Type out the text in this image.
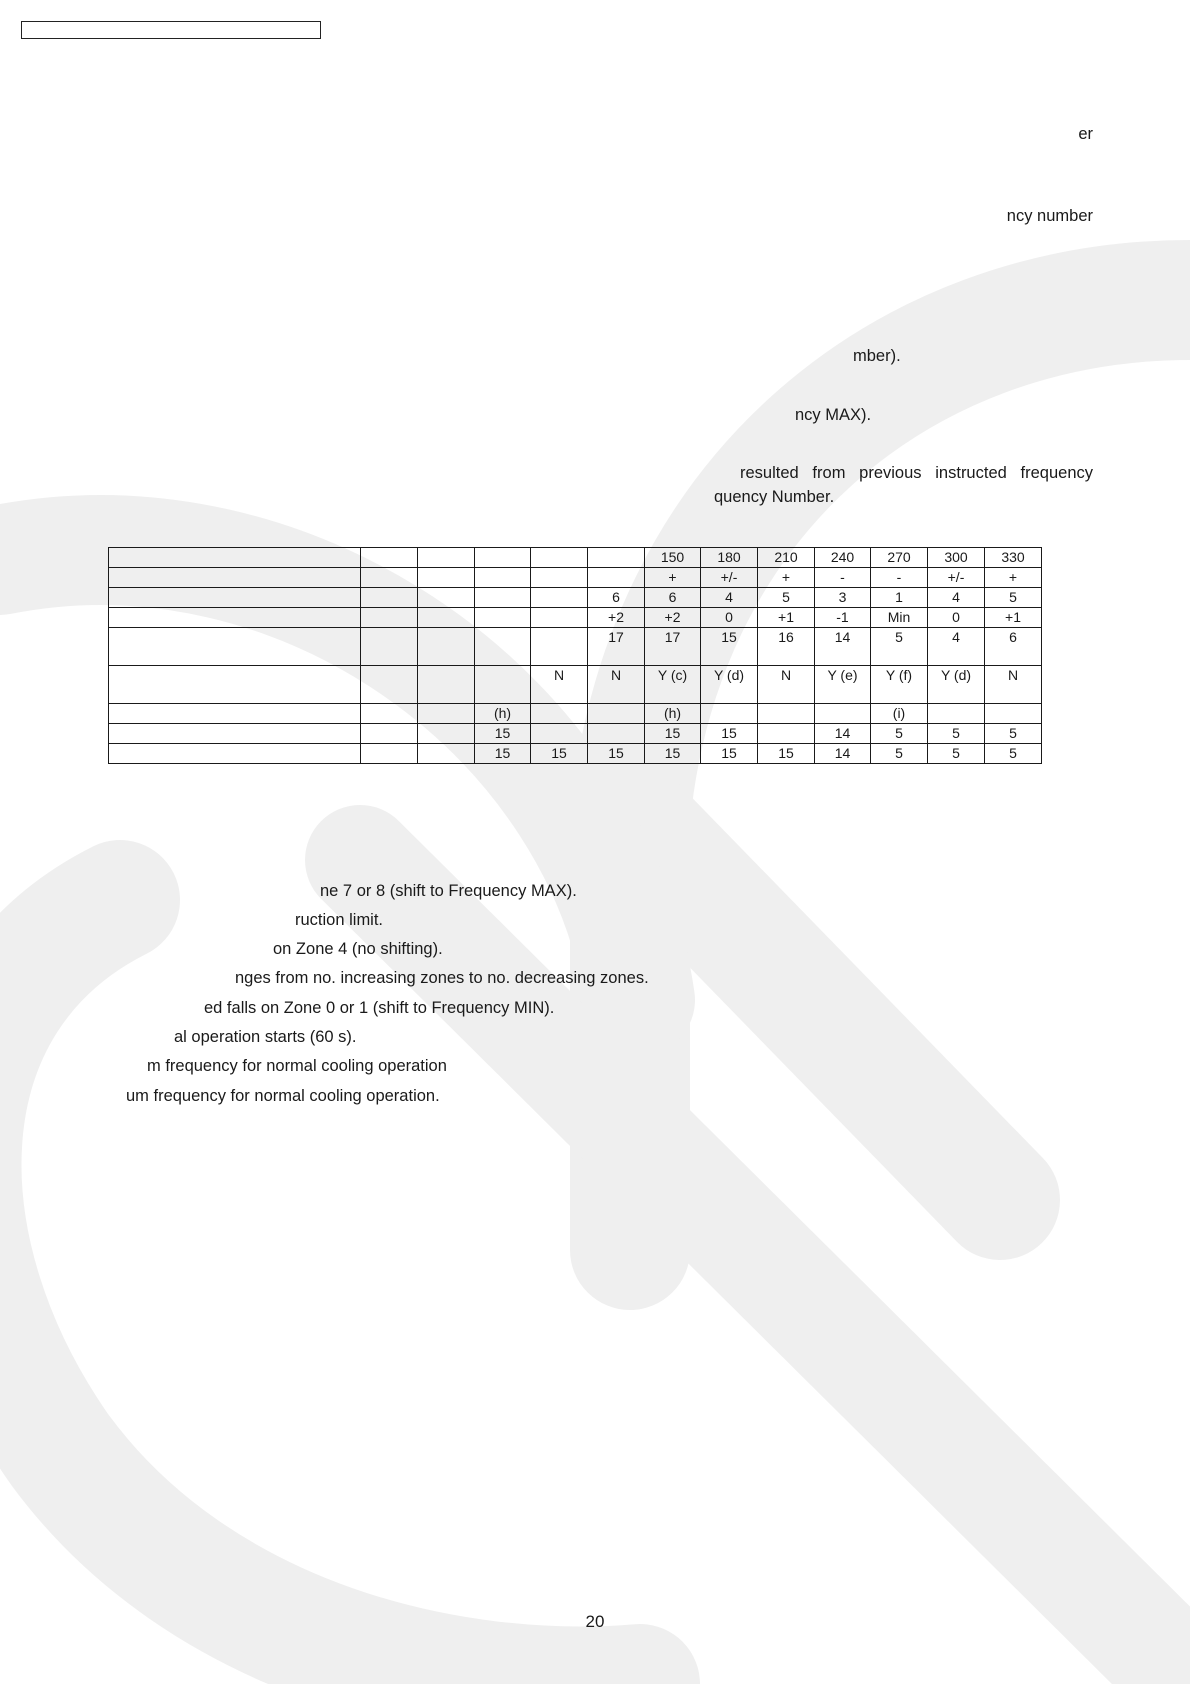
er
ncy number
mber).
ncy MAX).
resulted from previous instructed frequency
quency Number.
						150	180	210	240	270	300	330
						+	+/-	+	-	-	+/-	+
					6	6	4	5	3	1	4	5
					+2	+2	0	+1	-1	Min	0	+1
					17	17	15	16	14	5	4	6
				N	N	Y (c)	Y (d)	N	Y (e)	Y (f)	Y (d)	N
			(h)			(h)				(i)		
			15			15	15		14	5	5	5
			15	15	15	15	15	15	14	5	5	5
ne 7 or 8 (shift to Frequency MAX).
ruction limit.
on Zone 4 (no shifting).
nges from no. increasing zones to no. decreasing zones.
ed falls on Zone 0 or 1 (shift to Frequency MIN).
al operation starts (60 s).
m frequency for normal cooling operation
um frequency for normal cooling operation.
20
